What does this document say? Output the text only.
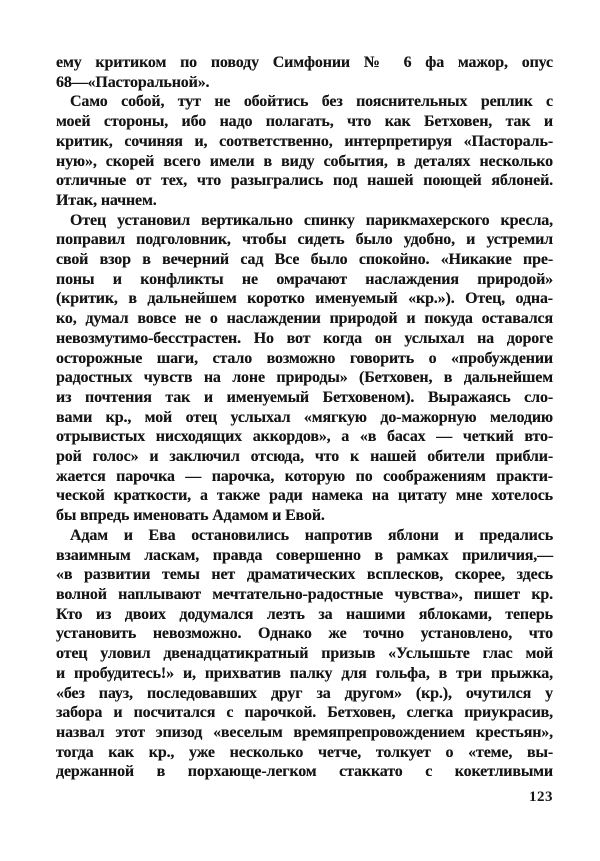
ему критиком по поводу Симфонии № 6 фа мажор, опус
68—«Пасторальной».
Само собой, тут не обойтись без пояснительных реплик с
моей стороны, ибо надо полагать, что как Бетховен, так и
критик, сочиняя и, соответственно, интерпретируя «Пастораль-
ную», скорей всего имели в виду события, в деталях несколько
отличные от тех, что разыгрались под нашей поющей яблоней.
Итак, начнем.
Отец установил вертикально спинку парикмахерского кресла,
поправил подголовник, чтобы сидеть было удобно, и устремил
свой взор в вечерний сад Все было спокойно. «Никакие пре-
поны и конфликты не омрачают наслаждения природой»
(критик, в дальнейшем коротко именуемый «кр.»). Отец, одна-
ко, думал вовсе не о наслаждении природой и покуда оставался
невозмутимо-бесстрастен. Но вот когда он услыхал на дороге
осторожные шаги, стало возможно говорить о «пробуждении
радостных чувств на лоне природы» (Бетховен, в дальнейшем
из почтения так и именуемый Бетховеном). Выражаясь сло-
вами кр., мой отец услыхал «мягкую до-мажорную мелодию
отрывистых нисходящих аккордов», а «в басах — четкий вто-
рой голос» и заключил отсюда, что к нашей обители прибли-
жается парочка — парочка, которую по соображениям практи-
ческой краткости, а также ради намека на цитату мне хотелось
бы впредь именовать Адамом и Евой.
Адам и Ева остановились напротив яблони и предались
взаимным ласкам, правда совершенно в рамках приличия,—
«в развитии темы нет драматических всплесков, скорее, здесь
волной наплывают мечтательно-радостные чувства», пишет кр.
Кто из двоих додумался лезть за нашими яблоками, теперь
установить невозможно. Однако же точно установлено, что
отец уловил двенадцатикратный призыв «Услышьте глас мой
и пробудитесь!» и, прихватив палку для гольфа, в три прыжка,
«без пауз, последовавших друг за другом» (кр.), очутился у
забора и посчитался с парочкой. Бетховен, слегка приукрасив,
назвал этот эпизод «веселым времяпрепровождением крестьян»,
тогда как кр., уже несколько четче, толкует о «теме, вы-
держанной в порхающе-легком стаккато с кокетливыми
123
